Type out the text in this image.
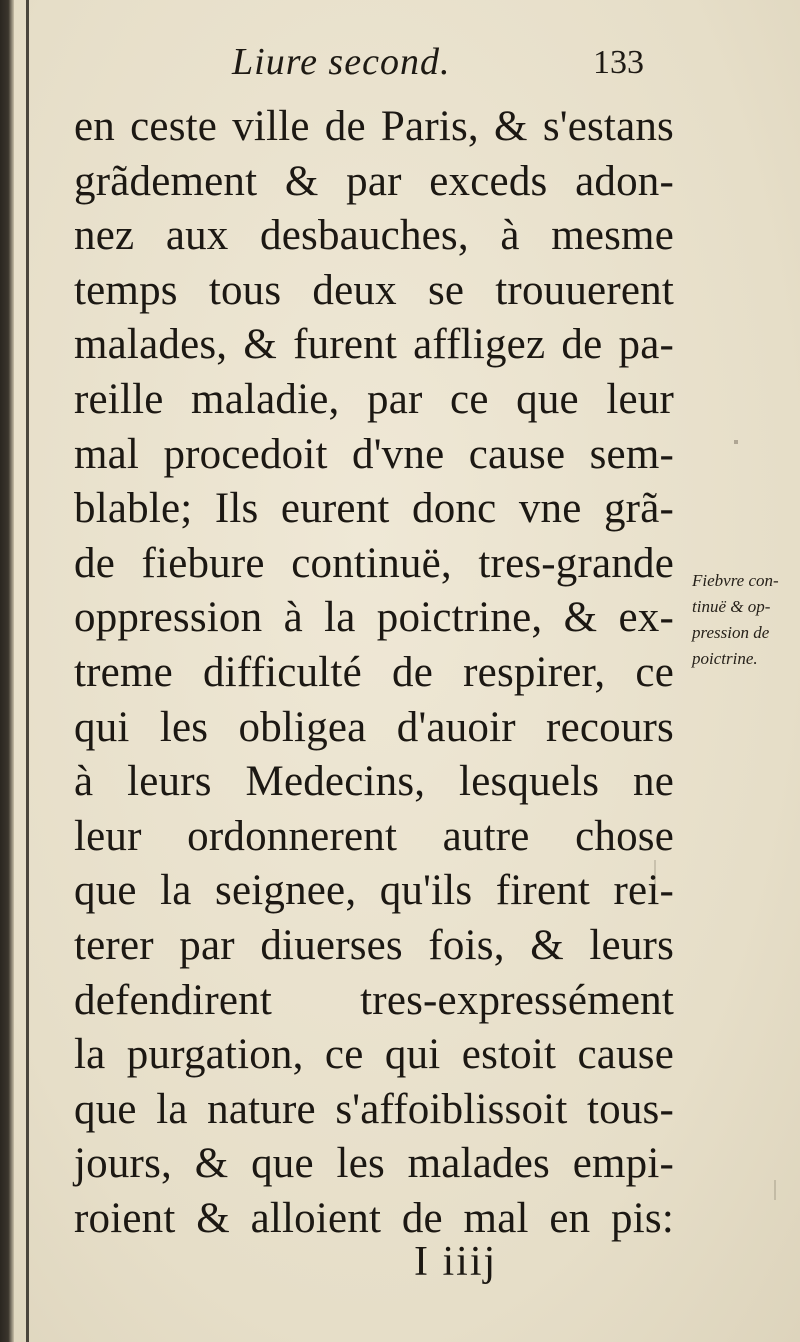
Liure second.	133
en ceste ville de Paris, & s'estans
grãdement & par exceds adon-
nez aux desbauches, à mesme
temps tous deux se trouuerent
malades, & furent affligez de pa-
reille maladie, par ce que leur
mal procedoit d'vne cause sem-
blable; Ils eurent donc vne grã-
de fiebure continuë, tres-grande
oppression à la poictrine, & ex-
treme difficulté de respirer, ce
qui les obligea d'auoir recours
à leurs Medecins, lesquels ne
leur ordonnerent autre chose
que la seignee, qu'ils firent rei-
terer par diuerses fois, & leurs
defendirent tres-expressément
la purgation, ce qui estoit cause
que la nature s'affoiblissoit tous-
jours, & que les malades empi-
roient & alloient de mal en pis:
Fiebvre con-
tinuë & op-
pression de
poictrine.
I iiij
